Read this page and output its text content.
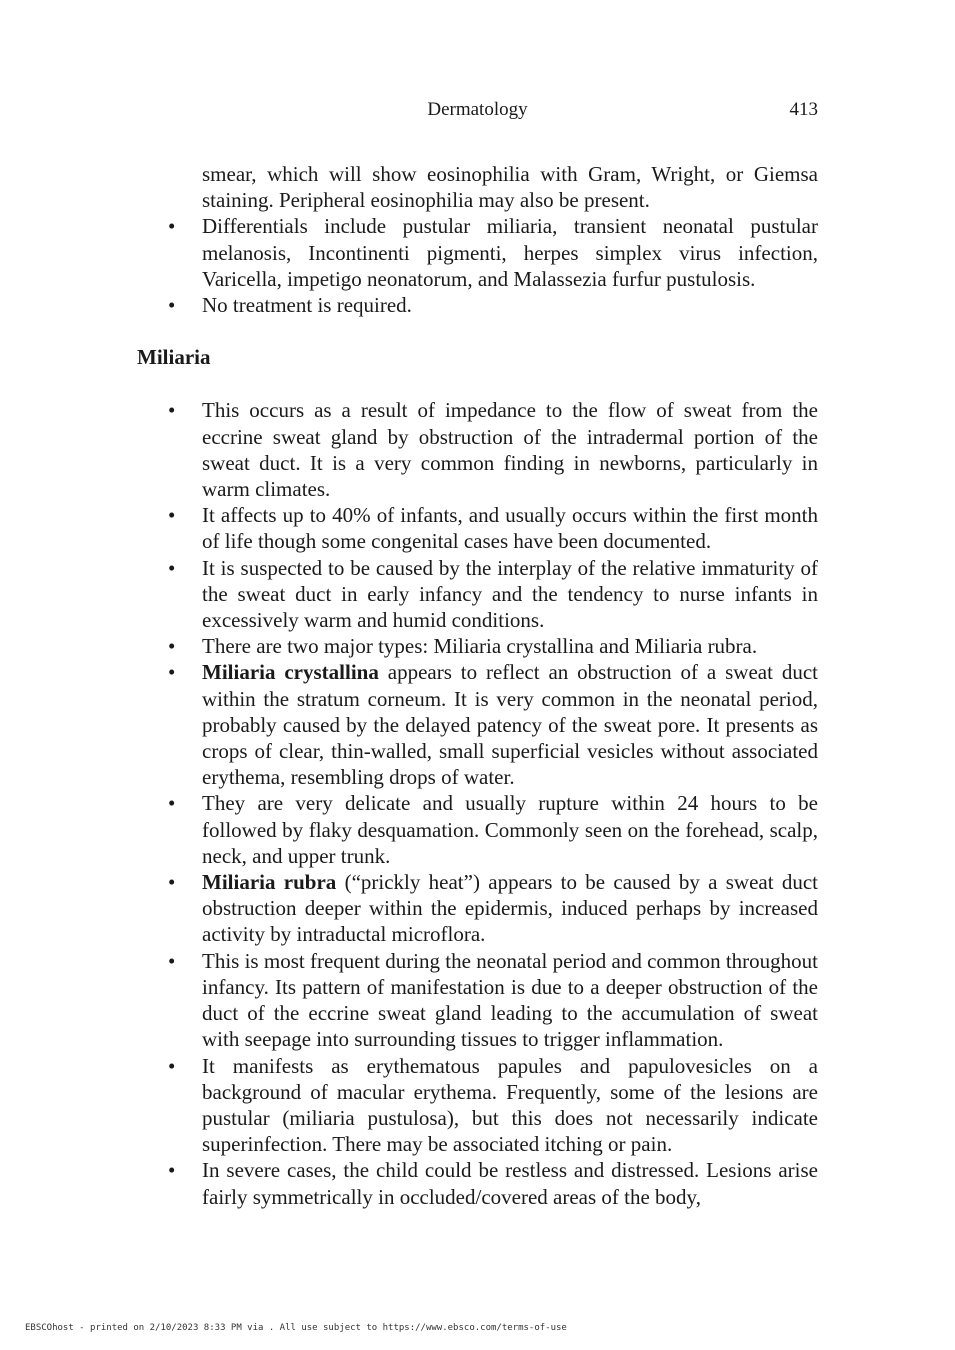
Dermatology	413
smear, which will show eosinophilia with Gram, Wright, or Giemsa staining. Peripheral eosinophilia may also be present.
• Differentials include pustular miliaria, transient neonatal pustular melanosis, Incontinenti pigmenti, herpes simplex virus infection, Varicella, impetigo neonatorum, and Malassezia furfur pustulosis.
• No treatment is required.
Miliaria
• This occurs as a result of impedance to the flow of sweat from the eccrine sweat gland by obstruction of the intradermal portion of the sweat duct. It is a very common finding in newborns, particularly in warm climates.
• It affects up to 40% of infants, and usually occurs within the first month of life though some congenital cases have been documented.
• It is suspected to be caused by the interplay of the relative immaturity of the sweat duct in early infancy and the tendency to nurse infants in excessively warm and humid conditions.
• There are two major types: Miliaria crystallina and Miliaria rubra.
• Miliaria crystallina appears to reflect an obstruction of a sweat duct within the stratum corneum. It is very common in the neonatal period, probably caused by the delayed patency of the sweat pore. It presents as crops of clear, thin-walled, small superficial vesicles without associated erythema, resembling drops of water.
• They are very delicate and usually rupture within 24 hours to be followed by flaky desquamation. Commonly seen on the forehead, scalp, neck, and upper trunk.
• Miliaria rubra (“prickly heat”) appears to be caused by a sweat duct obstruction deeper within the epidermis, induced perhaps by increased activity by intraductal microflora.
• This is most frequent during the neonatal period and common throughout infancy. Its pattern of manifestation is due to a deeper obstruction of the duct of the eccrine sweat gland leading to the accumulation of sweat with seepage into surrounding tissues to trigger inflammation.
• It manifests as erythematous papules and papulovesicles on a background of macular erythema. Frequently, some of the lesions are pustular (miliaria pustulosa), but this does not necessarily indicate superinfection. There may be associated itching or pain.
• In severe cases, the child could be restless and distressed. Lesions arise fairly symmetrically in occluded/covered areas of the body,
EBSCOhost - printed on 2/10/2023 8:33 PM via . All use subject to https://www.ebsco.com/terms-of-use
